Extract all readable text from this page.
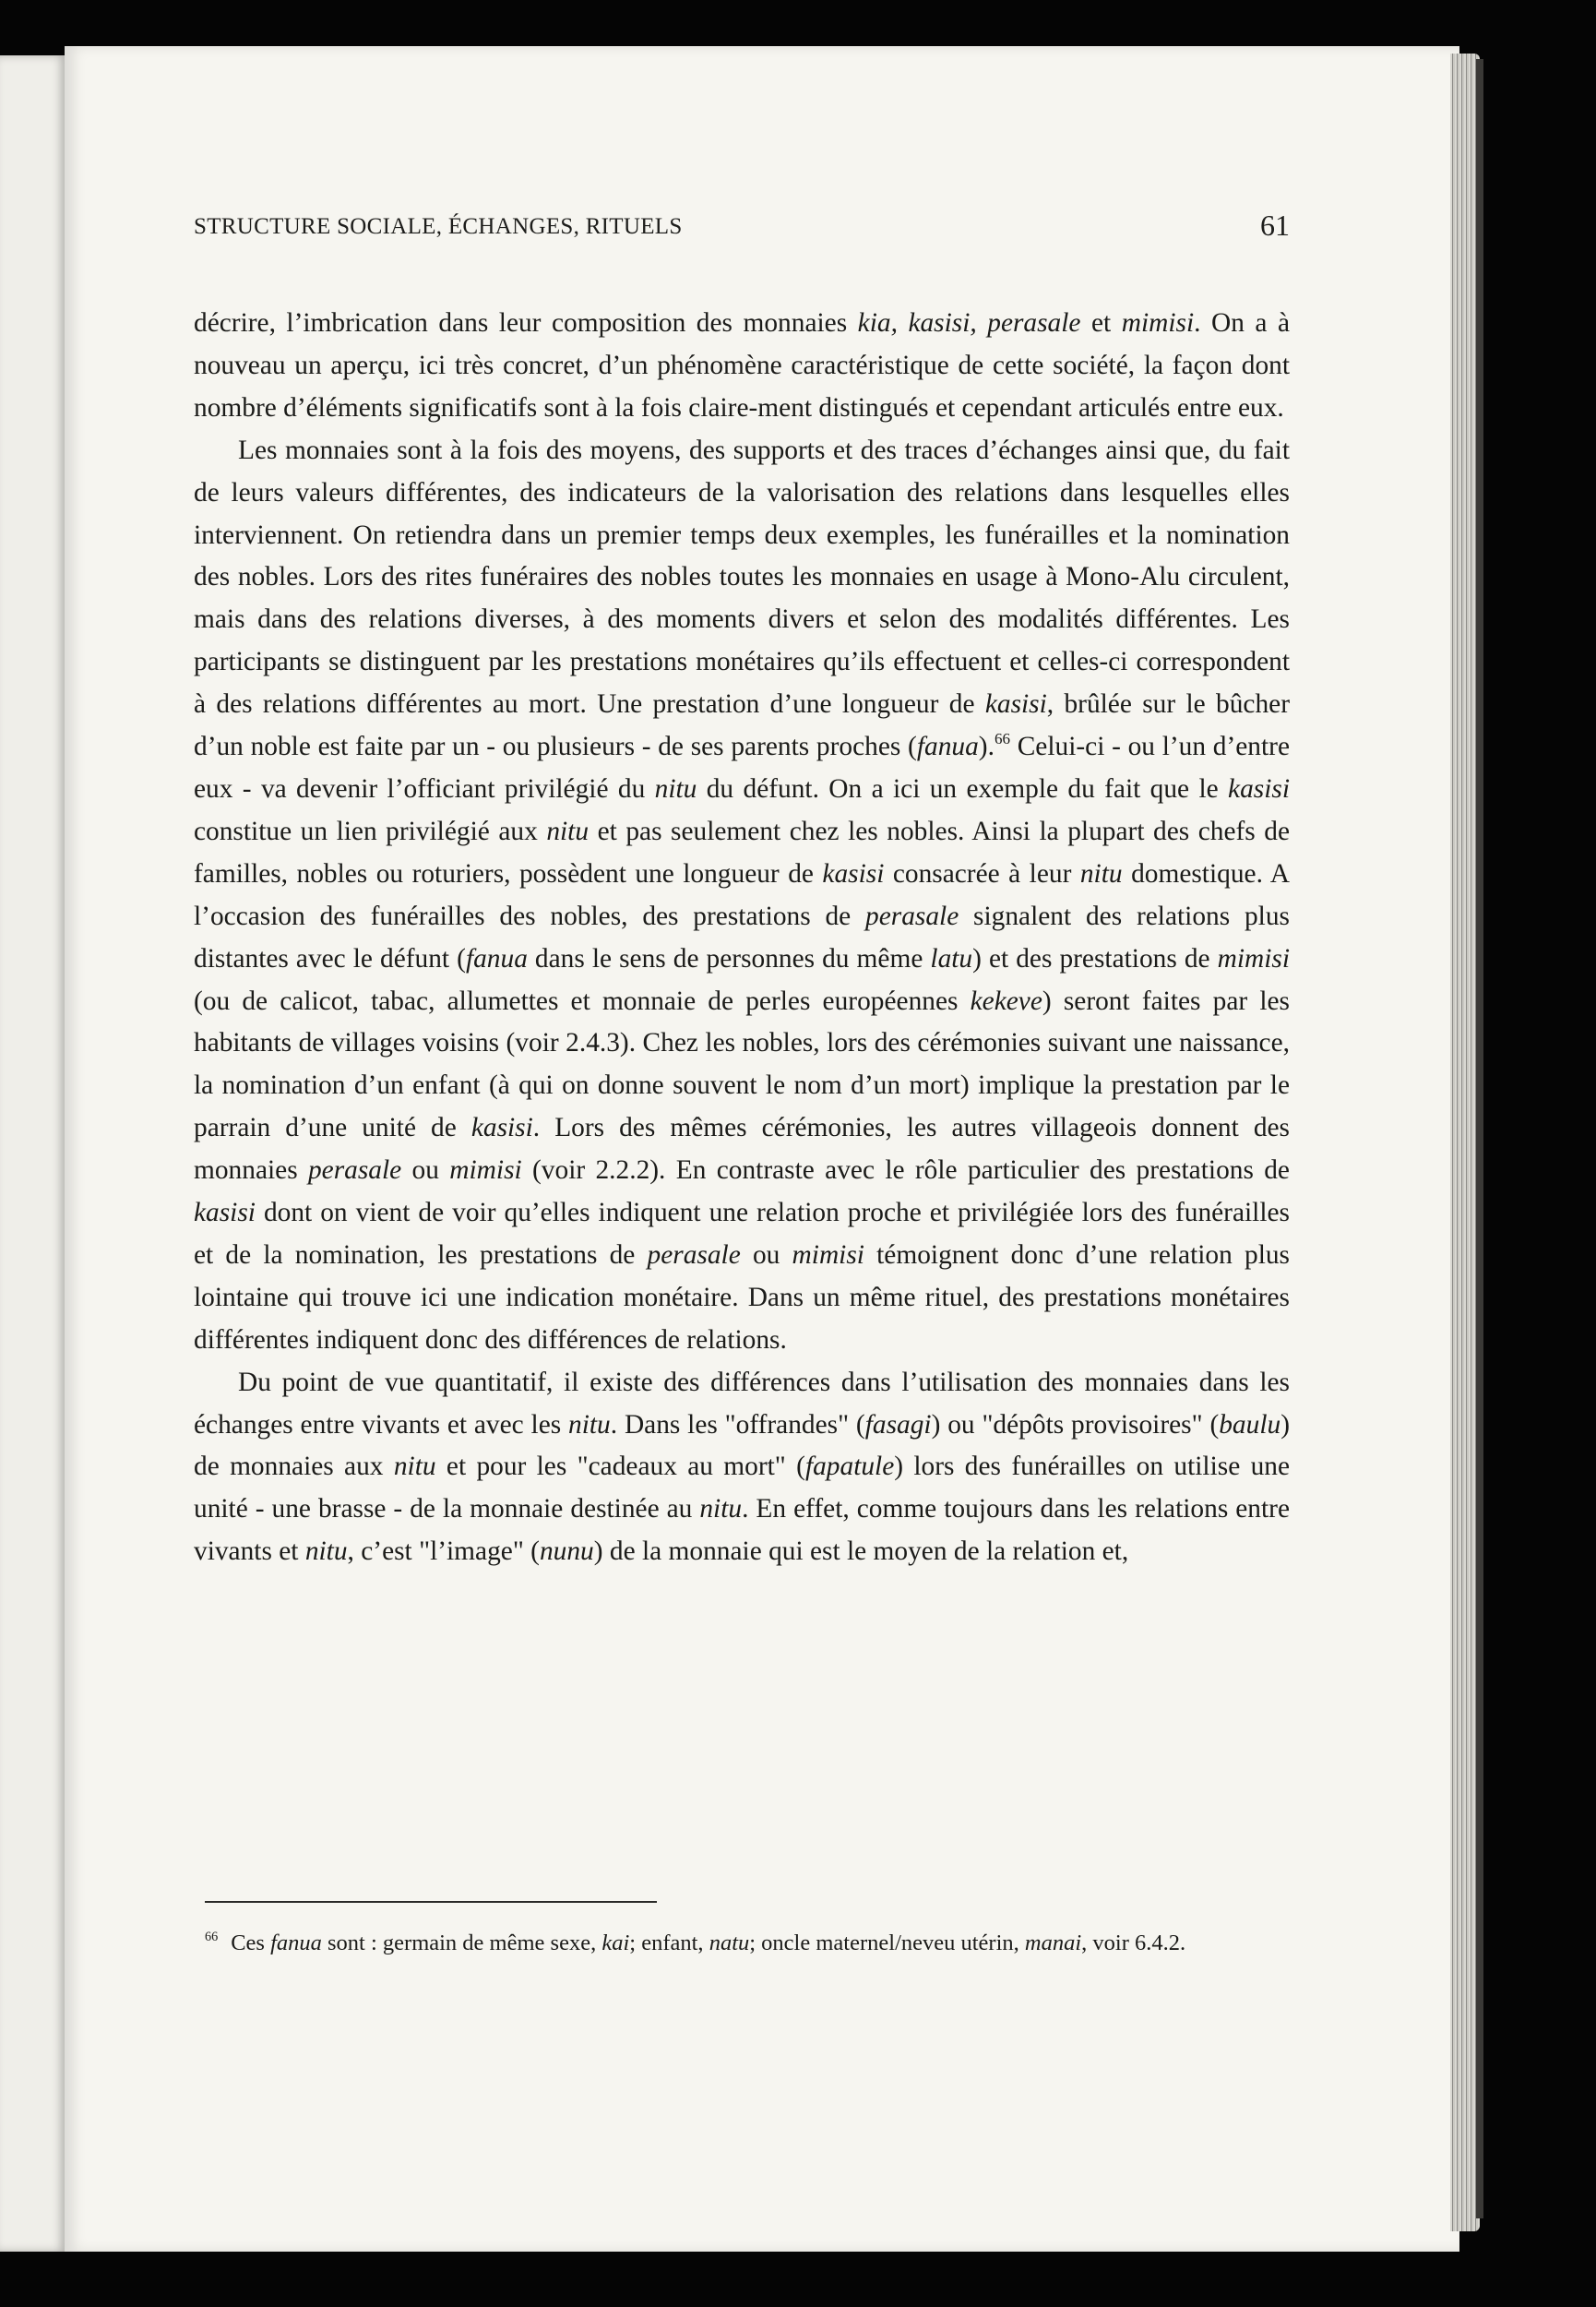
STRUCTURE SOCIALE, ÉCHANGES, RITUELS	61

décrire, l’imbrication dans leur composition des monnaies kia, kasisi, perasale et mimisi. On a à nouveau un aperçu, ici très concret, d’un phénomène caractéristique de cette société, la façon dont nombre d’éléments significatifs sont à la fois claire-ment distingués et cependant articulés entre eux.

Les monnaies sont à la fois des moyens, des supports et des traces d’échanges ainsi que, du fait de leurs valeurs différentes, des indicateurs de la valorisation des relations dans lesquelles elles interviennent. On retiendra dans un premier temps deux exemples, les funérailles et la nomination des nobles. Lors des rites funéraires des nobles toutes les monnaies en usage à Mono-Alu circulent, mais dans des relations diverses, à des moments divers et selon des modalités différentes. Les participants se distinguent par les prestations monétaires qu’ils effectuent et celles-ci correspondent à des relations différentes au mort. Une prestation d’une longueur de kasisi, brûlée sur le bûcher d’un noble est faite par un - ou plusieurs - de ses parents proches (fanua).$^{66}$ Celui-ci - ou l’un d’entre eux - va devenir l’officiant privilégié du nitu du défunt. On a ici un exemple du fait que le kasisi constitue un lien privilégié aux nitu et pas seulement chez les nobles. Ainsi la plupart des chefs de familles, nobles ou roturiers, possèdent une longueur de kasisi consacrée à leur nitu domestique. A l’occasion des funérailles des nobles, des prestations de perasale signalent des relations plus distantes avec le défunt (fanua dans le sens de personnes du même latu) et des prestations de mimisi (ou de calicot, tabac, allumettes et monnaie de perles européennes kekeve) seront faites par les habitants de villages voisins (voir 2.4.3). Chez les nobles, lors des cérémonies suivant une naissance, la nomination d’un enfant (à qui on donne souvent le nom d’un mort) implique la prestation par le parrain d’une unité de kasisi. Lors des mêmes cérémonies, les autres villageois donnent des monnaies perasale ou mimisi (voir 2.2.2). En contraste avec le rôle particulier des prestations de kasisi dont on vient de voir qu’elles indiquent une relation proche et privilégiée lors des funérailles et de la nomination, les prestations de perasale ou mimisi témoignent donc d’une relation plus lointaine qui trouve ici une indication monétaire. Dans un même rituel, des prestations monétaires différentes indiquent donc des différences de relations.

Du point de vue quantitatif, il existe des différences dans l’utilisation des monnaies dans les échanges entre vivants et avec les nitu. Dans les "offrandes" (fasagi) ou "dépôts provisoires" (baulu) de monnaies aux nitu et pour les "cadeaux au mort" (fapatule) lors des funérailles on utilise une unité - une brasse - de la monnaie destinée au nitu. En effet, comme toujours dans les relations entre vivants et nitu, c’est "l’image" (nunu) de la monnaie qui est le moyen de la relation et,

$^{66}$ Ces fanua sont : germain de même sexe, kai; enfant, natu; oncle maternel/neveu utérin, manai, voir 6.4.2.
